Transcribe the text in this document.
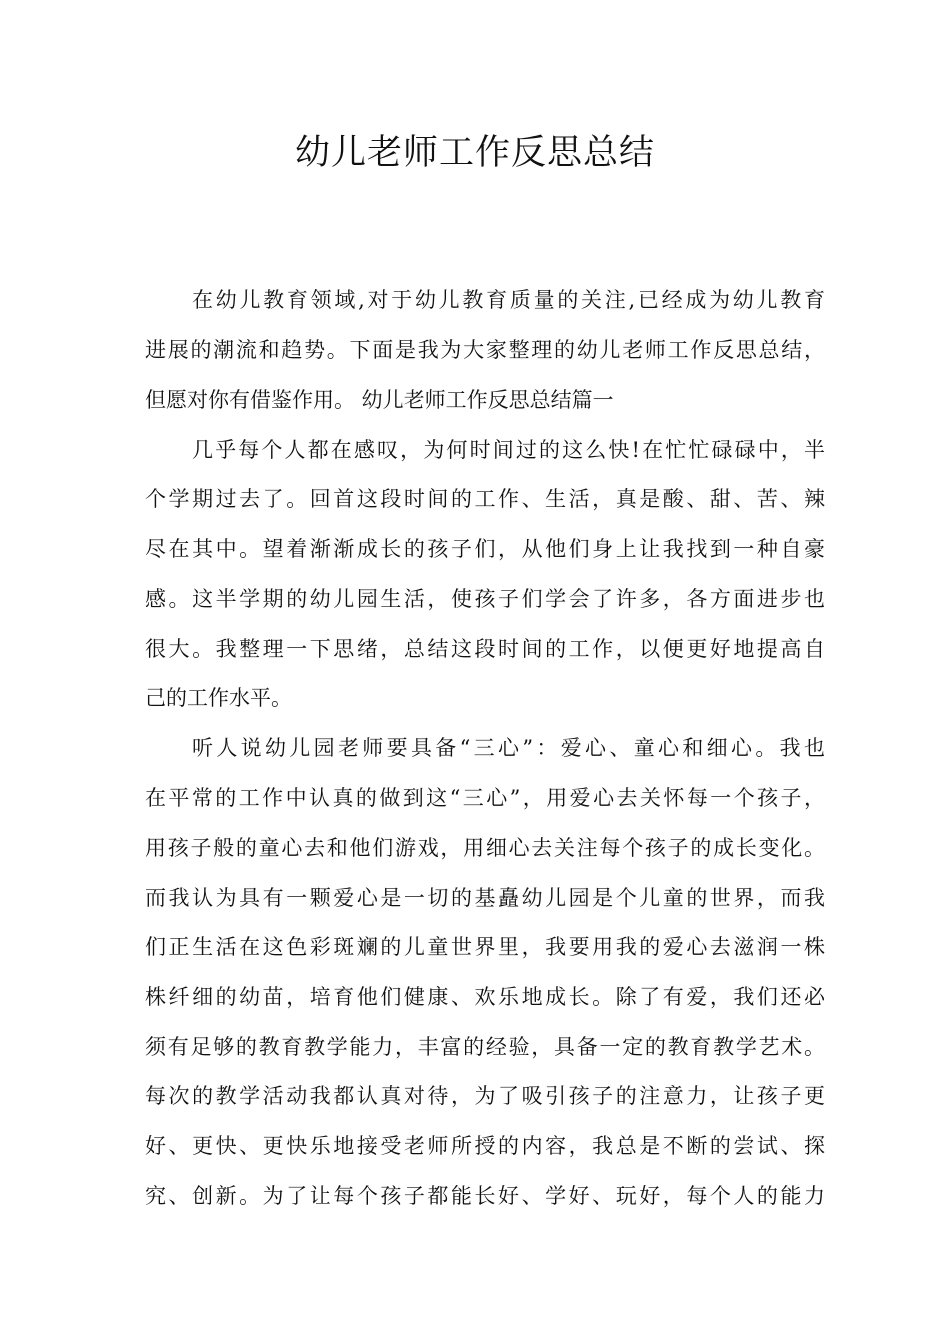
幼儿老师工作反思总结
在幼儿教育领域,对于幼儿教育质量的关注,已经成为幼儿教育
进展的潮流和趋势。下面是我为大家整理的幼儿老师工作反思总结，
但愿对你有借鉴作用。 幼儿老师工作反思总结篇一
几乎每个人都在感叹，为何时间过的这么快!在忙忙碌碌中，半
个学期过去了。回首这段时间的工作、生活，真是酸、甜、苦、辣
尽在其中。望着渐渐成长的孩子们，从他们身上让我找到一种自豪
感。这半学期的幼儿园生活，使孩子们学会了许多，各方面进步也
很大。我整理一下思绪，总结这段时间的工作，以便更好地提高自
己的工作水平。
听人说幼儿园老师要具备“三心”：爱心、童心和细心。我也
在平常的工作中认真的做到这“三心”，用爱心去关怀每一个孩子，
用孩子般的童心去和他们游戏，用细心去关注每个孩子的成长变化。
而我认为具有一颗爱心是一切的基矗幼儿园是个儿童的世界，而我
们正生活在这色彩斑斓的儿童世界里，我要用我的爱心去滋润一株
株纤细的幼苗，培育他们健康、欢乐地成长。除了有爱，我们还必
须有足够的教育教学能力，丰富的经验，具备一定的教育教学艺术。
每次的教学活动我都认真对待，为了吸引孩子的注意力，让孩子更
好、更快、更快乐地接受老师所授的内容，我总是不断的尝试、探
究、创新。为了让每个孩子都能长好、学好、玩好，每个人的能力
